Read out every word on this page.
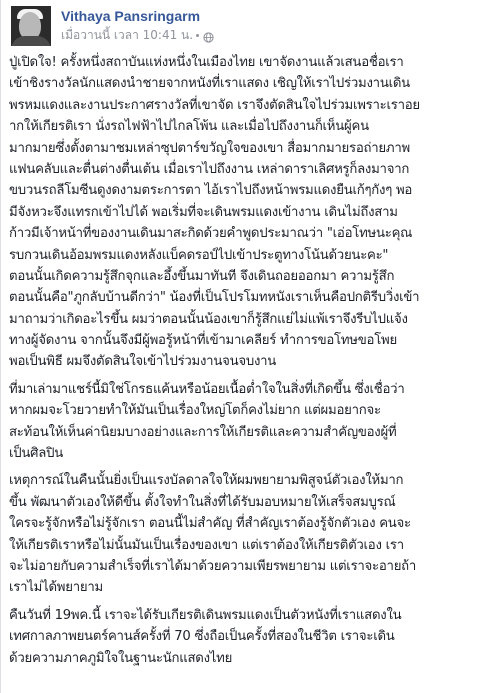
Vithaya Pansringarm
เมื่อวานนี้ เวลา 10:41 น.
ปู่เปิดใจ! ครั้งหนึ่งสถาบันแห่งหนึ่งในเมืองไทย เขาจัดงานแล้วเสนอชื่อเรา
เข้าชิงรางวัลนักแสดงนำชายจากหนังที่เราแสดง เชิญให้เราไปร่วมงานเดิน
พรหมแดงและงานประกาศรางวัลที่เขาจัด เราจึงตัดสินใจไปร่วมเพราะเราอย
ากให้เกียรติเรา นั่งรถไฟฟ้าไปไกลโพ้น และเมื่อไปถึงงานก็เห็นผู้คน
มากมายซึ่งตั้งตามาชมเหล่าซุปตาร์ขวัญใจของเขา สื่อมากมายรอถ่ายภาพ
แฟนคลับและตื่นต่างตื่นเต้น เมื่อเราไปถึงงาน เหล่าดาราเลิศหรูก็ลงมาจาก
ขบวนรถลีโมซีนดูงดงามตระการตา ไอ้เราไปถึงหน้าพรมแดงยืนเก้ๆกังๆ พอ
มีจังหวะจึงแทรกเข้าไปได้ พอเริ่มที่จะเดินพรมแดงเข้างาน เดินไม่ถึงสาม
ก้าวมีเจ้าหน้าที่ของงานเดินมาสะกิดด้วยคำพูดประมาณว่า "เอ่อโทษนะคุณ
รบกวนเดินอ้อมพรมแดงหลังแบ็คดรอป์ไปเข้าประตูทางโน้นด้วยนะคะ"
ตอนนั้นเกิดความรู้สึกจุกและอึ้งขึ้นมาทันที จึงเดินถอยออกมา ความรู้สึก
ตอนนั้นคือ"ภูกลับบ้านดีกว่า" น้องที่เป็นโปรโมทหนังเราเห็นคือปกติรีบวิ่งเข้า
มาถามว่าเกิดอะไรขึ้น ผมว่าตอนนั้นน้องเขาก็รู้สึกแย่ไม่แพ้เราจึงรีบไปแจ้ง
ทางผู้จัดงาน จากนั้นจึงมีผู้พอรู้หน้าที่เข้ามาเคลียร์ ทำการขอโทษขอโพย
พอเป็นพิธี ผมจึงตัดสินใจเข้าไปร่วมงานจนจบงาน
ที่มาเล่ามาแชร์นี้มิใช่โกรธแค้นหรือน้อยเนื้อต่ำใจในสิ่งที่เกิดขึ้น ซึ่งเชื่อว่า
หากผมจะโวยวายทำให้มันเป็นเรื่องใหญ่โตก็คงไม่ยาก แต่ผมอยากจะ
สะท้อนให้เห็นค่านิยมบางอย่างและการให้เกียรติและความสำคัญของผู้ที่
เป็นศิลปิน
เหตุการณ์ในคืนนั้นยิ่งเป็นแรงบัลดาลใจให้ผมพยายามพิสูจน์ตัวเองให้มาก
ขึ้น พัฒนาตัวเองให้ดีขึ้น ตั้งใจทำในสิ่งที่ได้รับมอบหมายให้เสร็จสมบูรณ์
ใครจะรู้จักหรือไม่รู้จักเรา ตอนนี้ไม่สำคัญ ที่สำคัญเราต้องรู้จักตัวเอง คนจะ
ให้เกียรติเราหรือไม่นั้นมันเป็นเรื่องของเขา แต่เราต้องให้เกียรติตัวเอง เรา
จะไม่อายกับความสำเร็จที่เราได้มาด้วยความเพียรพยายาม แต่เราจะอายถ้า
เราไม่ได้พยายาม
คืนวันที่ 19พค.นี้ เราจะได้รับเกียรติเดินพรมแดงเป็นตัวหนังที่เราแสดงใน
เทศกาลภาพยนตร์คานส์ครั้งที่ 70 ซึ่งถือเป็นครั้งที่สองในชีวิต เราจะเดิน
ด้วยความภาคภูมิใจในฐานะนักแสดงไทย
